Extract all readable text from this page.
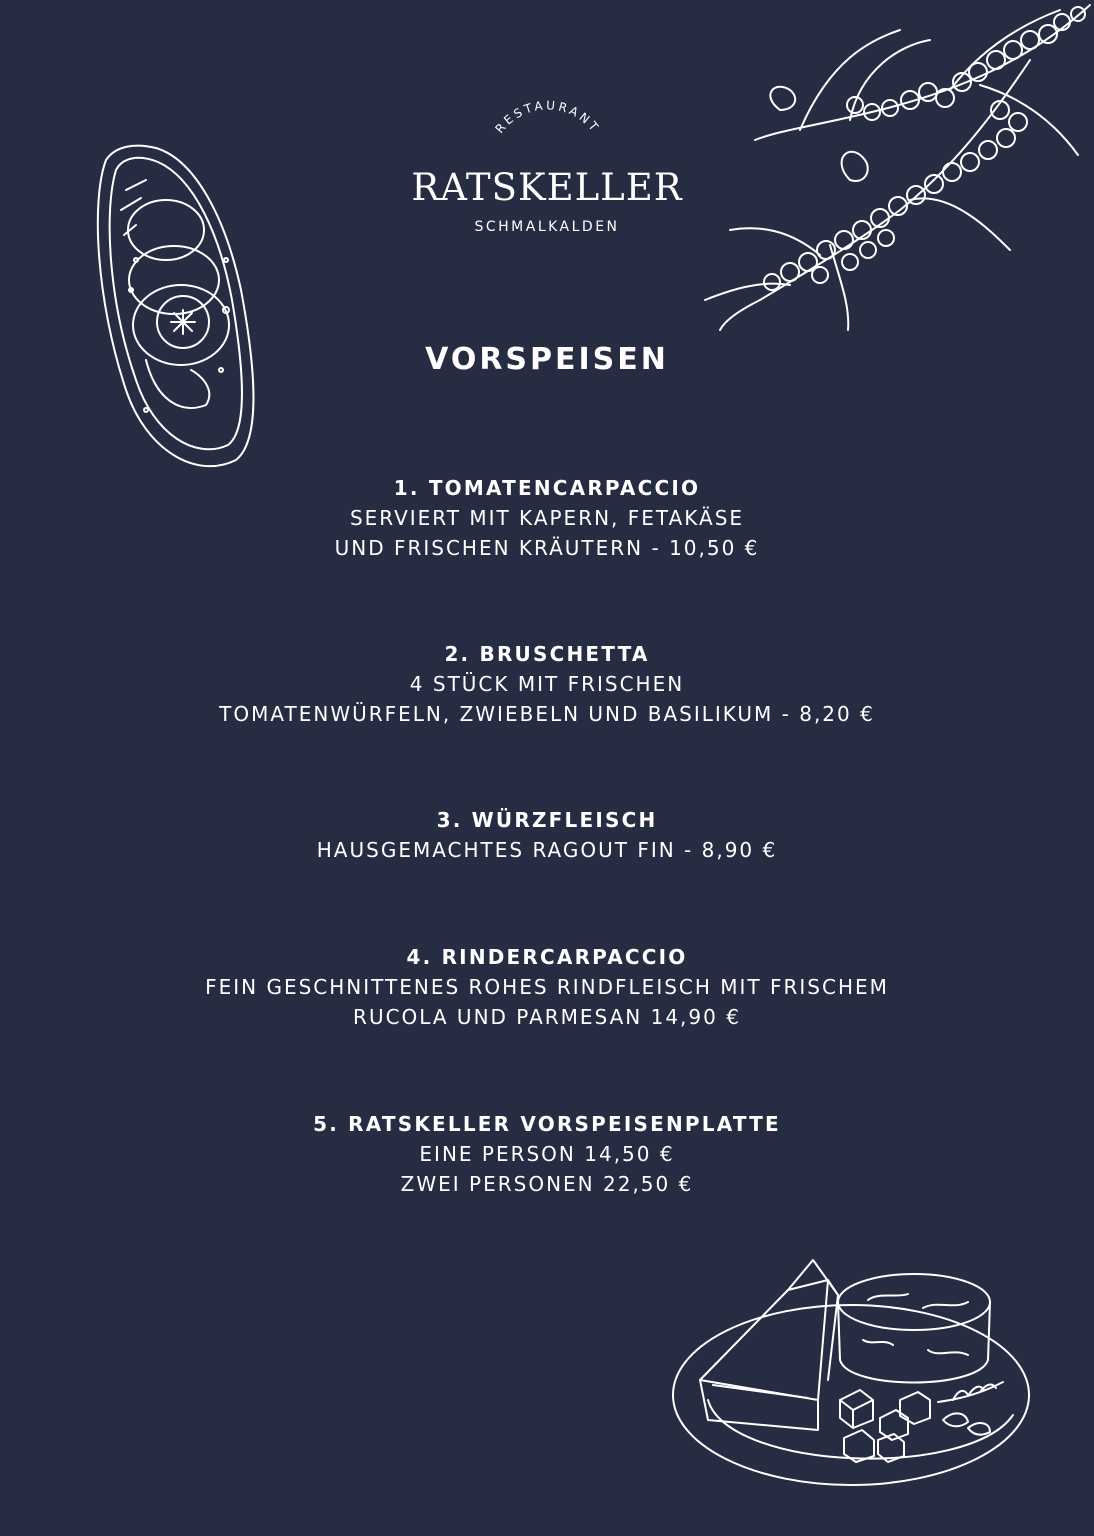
RESTAURANT
RATSKELLER
SCHMALKALDEN
VORSPEISEN
1. TOMATENCARPACCIO
SERVIERT MIT KAPERN, FETAKÄSE
UND FRISCHEN KRÄUTERN - 10,50 €
2. BRUSCHETTA
4 STÜCK MIT FRISCHEN
TOMATENWÜRFELN, ZWIEBELN UND BASILIKUM - 8,20 €
3. WÜRZFLEISCH
HAUSGEMACHTES RAGOUT FIN - 8,90 €
4. RINDERCARPACCIO
FEIN GESCHNITTENES ROHES RINDFLEISCH MIT FRISCHEM
RUCOLA UND PARMESAN 14,90 €
5. RATSKELLER VORSPEISENPLATTE
EINE PERSON 14,50 €
ZWEI PERSONEN 22,50 €
